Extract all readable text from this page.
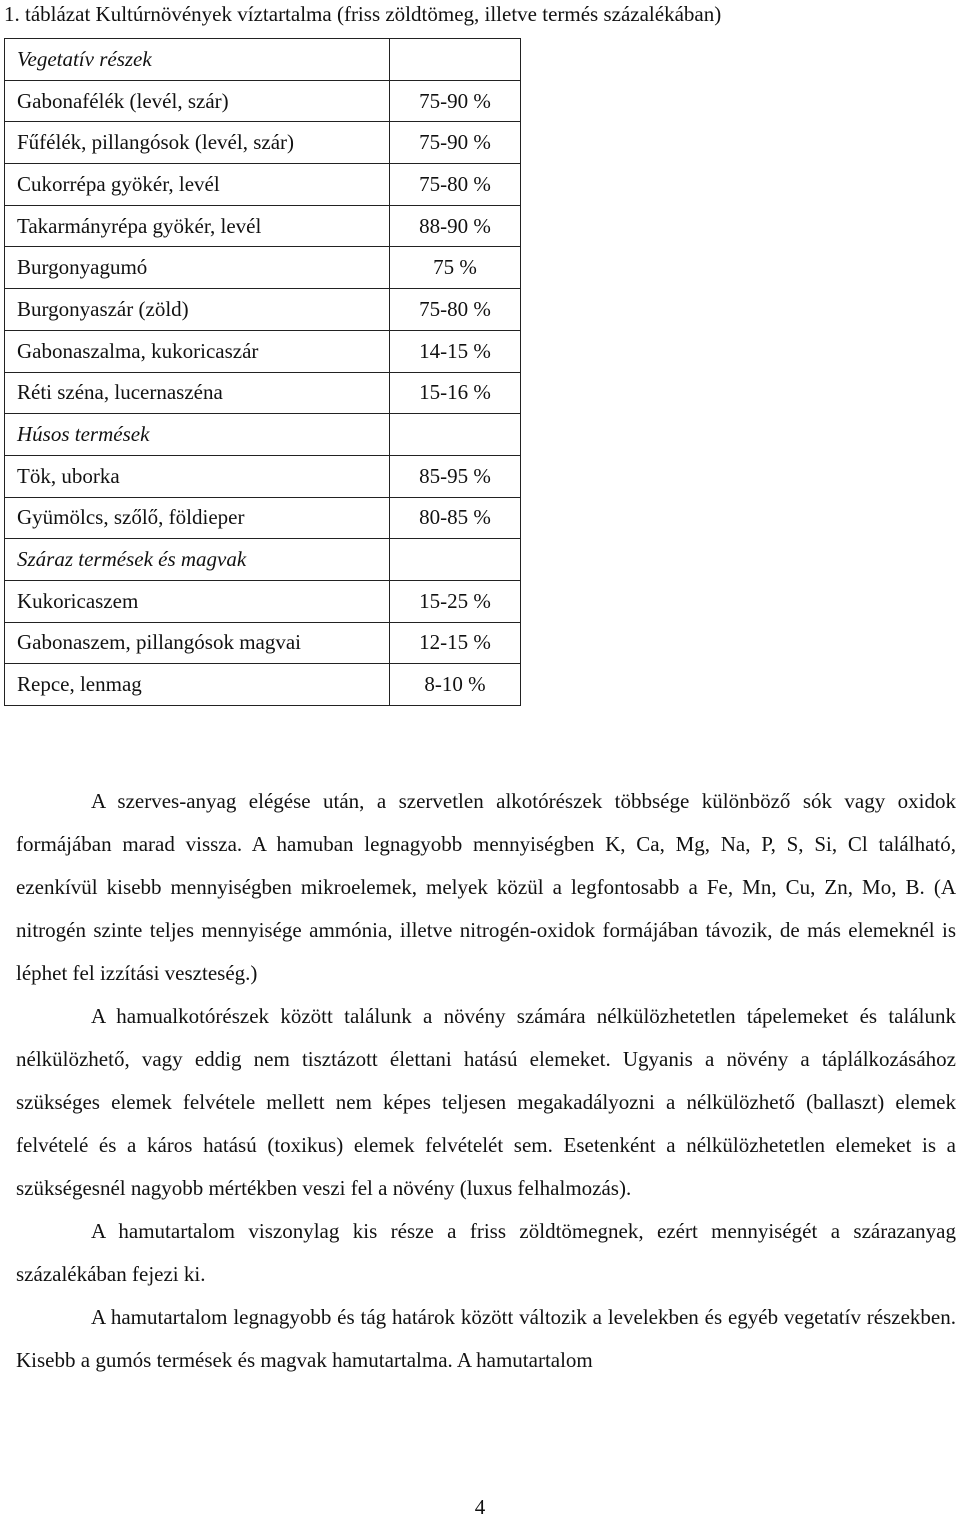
1. táblázat Kultúrnövények víztartalma (friss zöldtömeg, illetve termés százalékában)
Vegetatív részek	
Gabonafélék (levél, szár)	75-90 %
Fűfélék, pillangósok (levél, szár)	75-90 %
Cukorrépa gyökér, levél	75-80 %
Takarmányrépa gyökér, levél	88-90 %
Burgonyagumó	75 %
Burgonyaszár (zöld)	75-80 %
Gabonaszalma, kukoricaszár	14-15 %
Réti széna, lucernaszéna	15-16 %
Húsos termések	
Tök, uborka	85-95 %
Gyümölcs, szőlő, földieper	80-85 %
Száraz termések és magvak	
Kukoricaszem	15-25 %
Gabonaszem, pillangósok magvai	12-15 %
Repce, lenmag	8-10 %

A szerves-anyag elégése után, a szervetlen alkotórészek többsége különböző sók vagy oxidok formájában marad vissza. A hamuban legnagyobb mennyiségben K, Ca, Mg, Na, P, S, Si, Cl található, ezenkívül kisebb mennyiségben mikroelemek, melyek közül a legfontosabb a Fe, Mn, Cu, Zn, Mo, B. (A nitrogén szinte teljes mennyisége ammónia, illetve nitrogén-oxidok formájában távozik, de más elemeknél is léphet fel izzítási veszteség.)

A hamualkotórészek között találunk a növény számára nélkülözhetetlen tápelemeket és találunk nélkülözhető, vagy eddig nem tisztázott élettani hatású elemeket. Ugyanis a növény a táplálkozásához szükséges elemek felvétele mellett nem képes teljesen megakadályozni a nélkülözhető (ballaszt) elemek felvételé és a káros hatású (toxikus) elemek felvételét sem. Esetenként a nélkülözhetetlen elemeket is a szükségesnél nagyobb mértékben veszi fel a növény (luxus felhalmozás).

A hamutartalom viszonylag kis része a friss zöldtömegnek, ezért mennyiségét a szárazanyag százalékában fejezi ki.

A hamutartalom legnagyobb és tág határok között változik a levelekben és egyéb vegetatív részekben. Kisebb a gumós termések és magvak hamutartalma. A hamutartalom

4
